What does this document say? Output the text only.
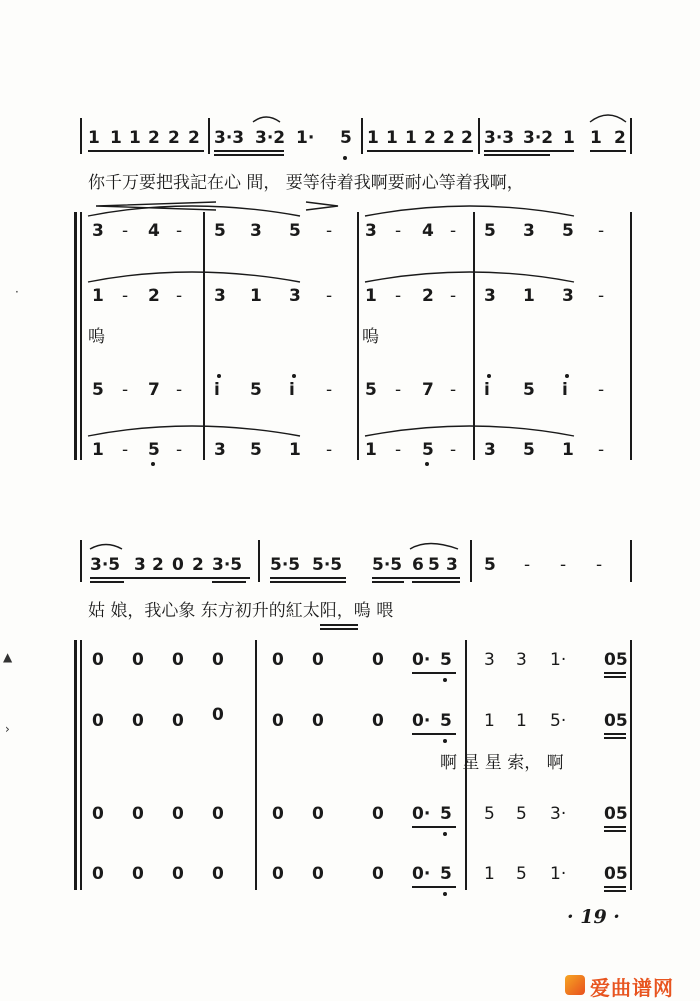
1 1 1 2 2 2 3·3 3·2 1· 5 1 1 1 2 2 2 3·3 3·2 1 1 2
你千万要把我記在心 間， 要等待着我啊要耐心等着我啊，
3 - 4 - 5 3 5 - 3 - 4 - 5 3 5 -
1 - 2 - 3 1 3 - 1 - 2 - 3 1 3 -
嗚	嗚
5 - 7 - i 5 i - 5 - 7 - i 5 i -
1 - 5 - 3 5 1 - 1 - 5 - 3 5 1 -
3·5 3 2 0 2 3·5 5·5 5·5 5·5 6 5 3 5 - - -
姑 娘，我心象 东方初升的紅太阳，嗚 喂
0 0 0 0	0 0	0 0· 5 3 3 1· 05
0 0 0 0	0 0	0 0· 5 1 1 5· 05
啊 星 星 索， 啊
0 0 0 0	0 0	0 0· 5 5 5 3· 05
0 0 0 0	0 0	0 0· 5 1 5 1· 05
·
▲
›
· 19 ·
爱曲谱网
